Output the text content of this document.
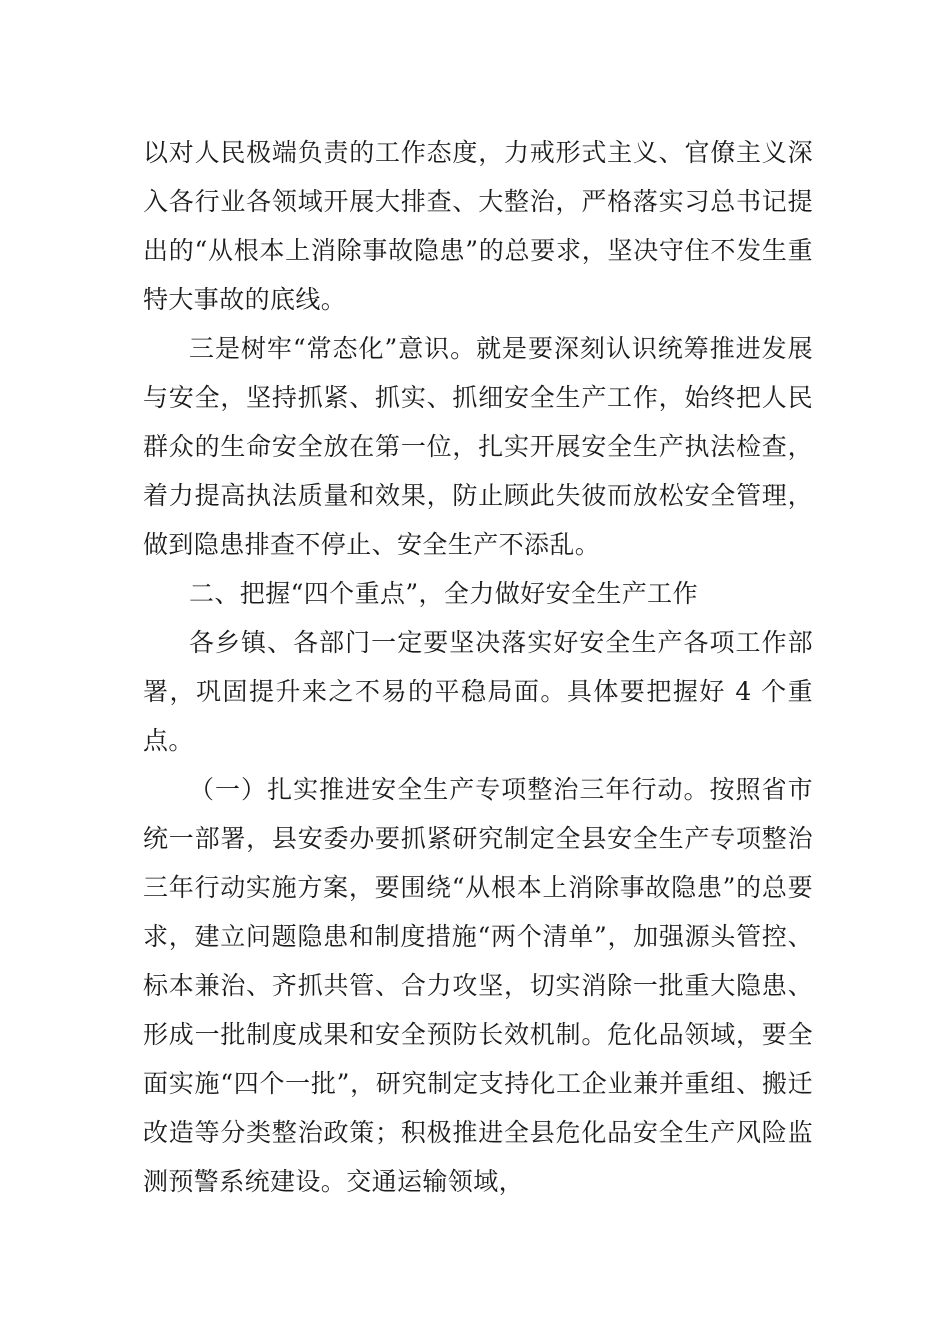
以对人民极端负责的工作态度，力戒形式主义、官僚主义深入各行业各领域开展大排查、大整治，严格落实习总书记提出的“从根本上消除事故隐患”的总要求，坚决守住不发生重特大事故的底线。

三是树牢“常态化”意识。就是要深刻认识统筹推进发展与安全，坚持抓紧、抓实、抓细安全生产工作，始终把人民群众的生命安全放在第一位，扎实开展安全生产执法检查，着力提高执法质量和效果，防止顾此失彼而放松安全管理，做到隐患排查不停止、安全生产不添乱。

二、把握“四个重点”，全力做好安全生产工作

各乡镇、各部门一定要坚决落实好安全生产各项工作部署，巩固提升来之不易的平稳局面。具体要把握好 4 个重点。

（一）扎实推进安全生产专项整治三年行动。按照省市统一部署，县安委办要抓紧研究制定全县安全生产专项整治三年行动实施方案，要围绕“从根本上消除事故隐患”的总要求，建立问题隐患和制度措施“两个清单”，加强源头管控、标本兼治、齐抓共管、合力攻坚，切实消除一批重大隐患、形成一批制度成果和安全预防长效机制。危化品领域，要全面实施“四个一批”，研究制定支持化工企业兼并重组、搬迁改造等分类整治政策；积极推进全县危化品安全生产风险监测预警系统建设。交通运输领域，
